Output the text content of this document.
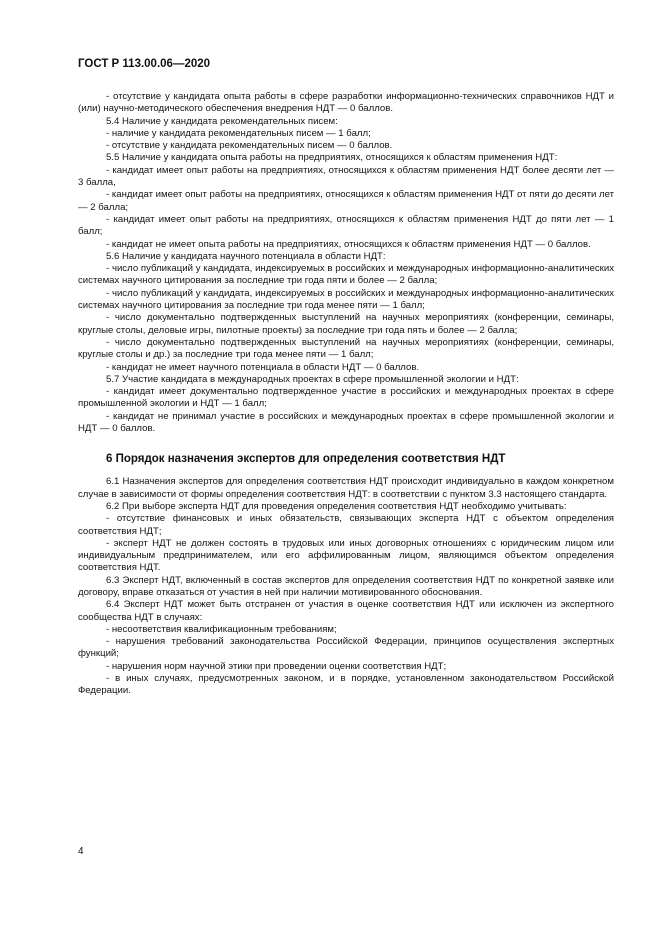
ГОСТ Р 113.00.06—2020

- отсутствие у кандидата опыта работы в сфере разработки информационно-технических справочников НДТ и (или) научно-методического обеспечения внедрения НДТ — 0 баллов.

5.4 Наличие у кандидата рекомендательных писем:

- наличие у кандидата рекомендательных писем — 1 балл;

- отсутствие у кандидата рекомендательных писем — 0 баллов.

5.5 Наличие у кандидата опыта работы на предприятиях, относящихся к областям применения НДТ:

- кандидат имеет опыт работы на предприятиях, относящихся к областям применения НДТ более десяти лет — 3 балла,

- кандидат имеет опыт работы на предприятиях, относящихся к областям применения НДТ от пяти до десяти лет — 2 балла;

- кандидат имеет опыт работы на предприятиях, относящихся к областям применения НДТ до пяти лет — 1 балл;

- кандидат не имеет опыта работы на предприятиях, относящихся к областям применения НДТ — 0 баллов.

5.6 Наличие у кандидата научного потенциала в области НДТ:

- число публикаций у кандидата, индексируемых в российских и международных информационно-аналитических системах научного цитирования за последние три года пяти и более — 2 балла;

- число публикаций у кандидата, индексируемых в российских и международных информационно-аналитических системах научного цитирования за последние три года менее пяти — 1 балл;

- число документально подтвержденных выступлений на научных мероприятиях (конференции, семинары, круглые столы, деловые игры, пилотные проекты) за последние три года пять и более — 2 балла;

- число документально подтвержденных выступлений на научных мероприятиях (конференции, семинары, круглые столы и др.) за последние три года менее пяти — 1 балл;

- кандидат не имеет научного потенциала в области НДТ — 0 баллов.

5.7 Участие кандидата в международных проектах в сфере промышленной экологии и НДТ:

- кандидат имеет документально подтвержденное участие в российских и международных проектах в сфере промышленной экологии и НДТ — 1 балл;

- кандидат не принимал участие в российских и международных проектах в сфере промышленной экологии и НДТ — 0 баллов.

6 Порядок назначения экспертов для определения соответствия НДТ

6.1 Назначения экспертов для определения соответствия НДТ происходит индивидуально в каждом конкретном случае в зависимости от формы определения соответствия НДТ: в соответствии с пунктом 3.3 настоящего стандарта.

6.2 При выборе эксперта НДТ для проведения определения соответствия НДТ необходимо учитывать:

- отсутствие финансовых и иных обязательств, связывающих эксперта НДТ с объектом определения соответствия НДТ;

- эксперт НДТ не должен состоять в трудовых или иных договорных отношениях с юридическим лицом или индивидуальным предпринимателем, или его аффилированным лицом, являющимся объектом определения соответствия НДТ.

6.3 Эксперт НДТ, включенный в состав экспертов для определения соответствия НДТ по конкретной заявке или договору, вправе отказаться от участия в ней при наличии мотивированного обоснования.

6.4 Эксперт НДТ может быть отстранен от участия в оценке соответствия НДТ или исключен из экспертного сообщества НДТ в случаях:

- несоответствия квалификационным требованиям;

- нарушения требований законодательства Российской Федерации, принципов осуществления экспертных функций;

- нарушения норм научной этики при проведении оценки соответствия НДТ;

- в иных случаях, предусмотренных законом, и в порядке, установленном законодательством Российской Федерации.

4
